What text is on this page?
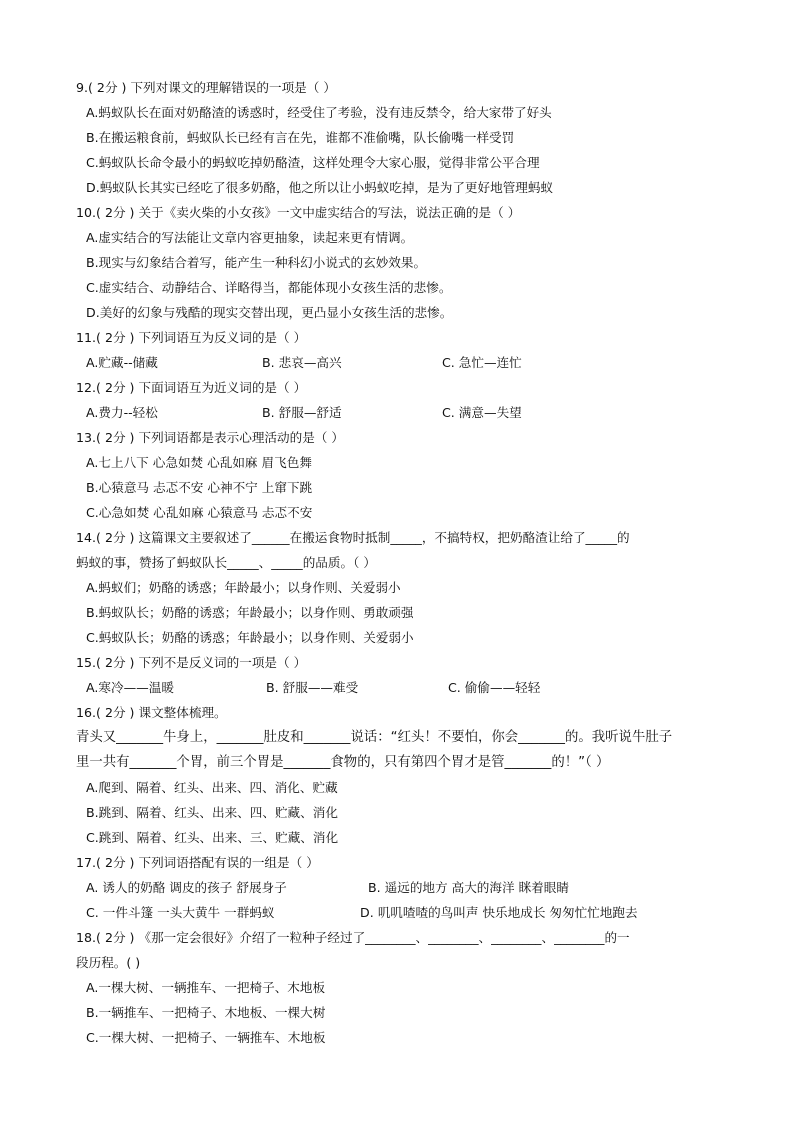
9.( 2分 ) 下列对课文的理解错误的一项是（ ）
A.蚂蚁队长在面对奶酪渣的诱惑时，经受住了考验，没有违反禁令，给大家带了好头
B.在搬运粮食前，蚂蚁队长已经有言在先，谁都不准偷嘴，队长偷嘴一样受罚
C.蚂蚁队长命令最小的蚂蚁吃掉奶酪渣，这样处理令大家心服，觉得非常公平合理
D.蚂蚁队长其实已经吃了很多奶酪，他之所以让小蚂蚁吃掉，是为了更好地管理蚂蚁
10.( 2分 ) 关于《卖火柴的小女孩》一文中虚实结合的写法，说法正确的是（ ）
A.虚实结合的写法能让文章内容更抽象，读起来更有情调。
B.现实与幻象结合着写，能产生一种科幻小说式的玄妙效果。
C.虚实结合、动静结合、详略得当，都能体现小女孩生活的悲惨。
D.美好的幻象与残酷的现实交替出现，更凸显小女孩生活的悲惨。
11.( 2分 ) 下列词语互为反义词的是（ ）
A.贮藏--储藏	B. 悲哀—高兴	C. 急忙—连忙
12.( 2分 ) 下面词语互为近义词的是（ ）
A.费力--轻松	B. 舒服—舒适	C. 满意—失望
13.( 2分 ) 下列词语都是表示心理活动的是（ ）
A.七上八下 心急如焚 心乱如麻 眉飞色舞
B.心猿意马 忐忑不安 心神不宁 上窜下跳
C.心急如焚 心乱如麻 心猿意马 忐忑不安
14.( 2分 ) 这篇课文主要叙述了______在搬运食物时抵制_____，不搞特权，把奶酪渣让给了_____的
蚂蚁的事，赞扬了蚂蚁队长_____、_____的品质。（ ）
A.蚂蚁们；奶酪的诱惑；年龄最小；以身作则、关爱弱小
B.蚂蚁队长；奶酪的诱惑；年龄最小；以身作则、勇敢顽强
C.蚂蚁队长；奶酪的诱惑；年龄最小；以身作则、关爱弱小
15.( 2分 ) 下列不是反义词的一项是（ ）
A.寒冷——温暖	B. 舒服——难受	C. 偷偷——轻轻
16.( 2分 ) 课文整体梳理。
青头又_______牛身上，_______肚皮和_______说话：“红头！不要怕，你会_______的。我听说牛肚子
里一共有_______个胃，前三个胃是_______食物的，只有第四个胃才是管_______的！”（ ）
A.爬到、隔着、红头、出来、四、消化、贮藏
B.跳到、隔着、红头、出来、四、贮藏、消化
C.跳到、隔着、红头、出来、三、贮藏、消化
17.( 2分 ) 下列词语搭配有误的一组是（ ）
A. 诱人的奶酪 调皮的孩子 舒展身子	B. 遥远的地方 高大的海洋 眯着眼睛
C. 一件斗篷 一头大黄牛 一群蚂蚁	D. 叽叽喳喳的鸟叫声 快乐地成长 匆匆忙忙地跑去
18.( 2分 ) 《那一定会很好》介绍了一粒种子经过了________、________、________、________的一
段历程。( )
A.一棵大树、一辆推车、一把椅子、木地板
B.一辆推车、一把椅子、木地板、一棵大树
C.一棵大树、一把椅子、一辆推车、木地板
